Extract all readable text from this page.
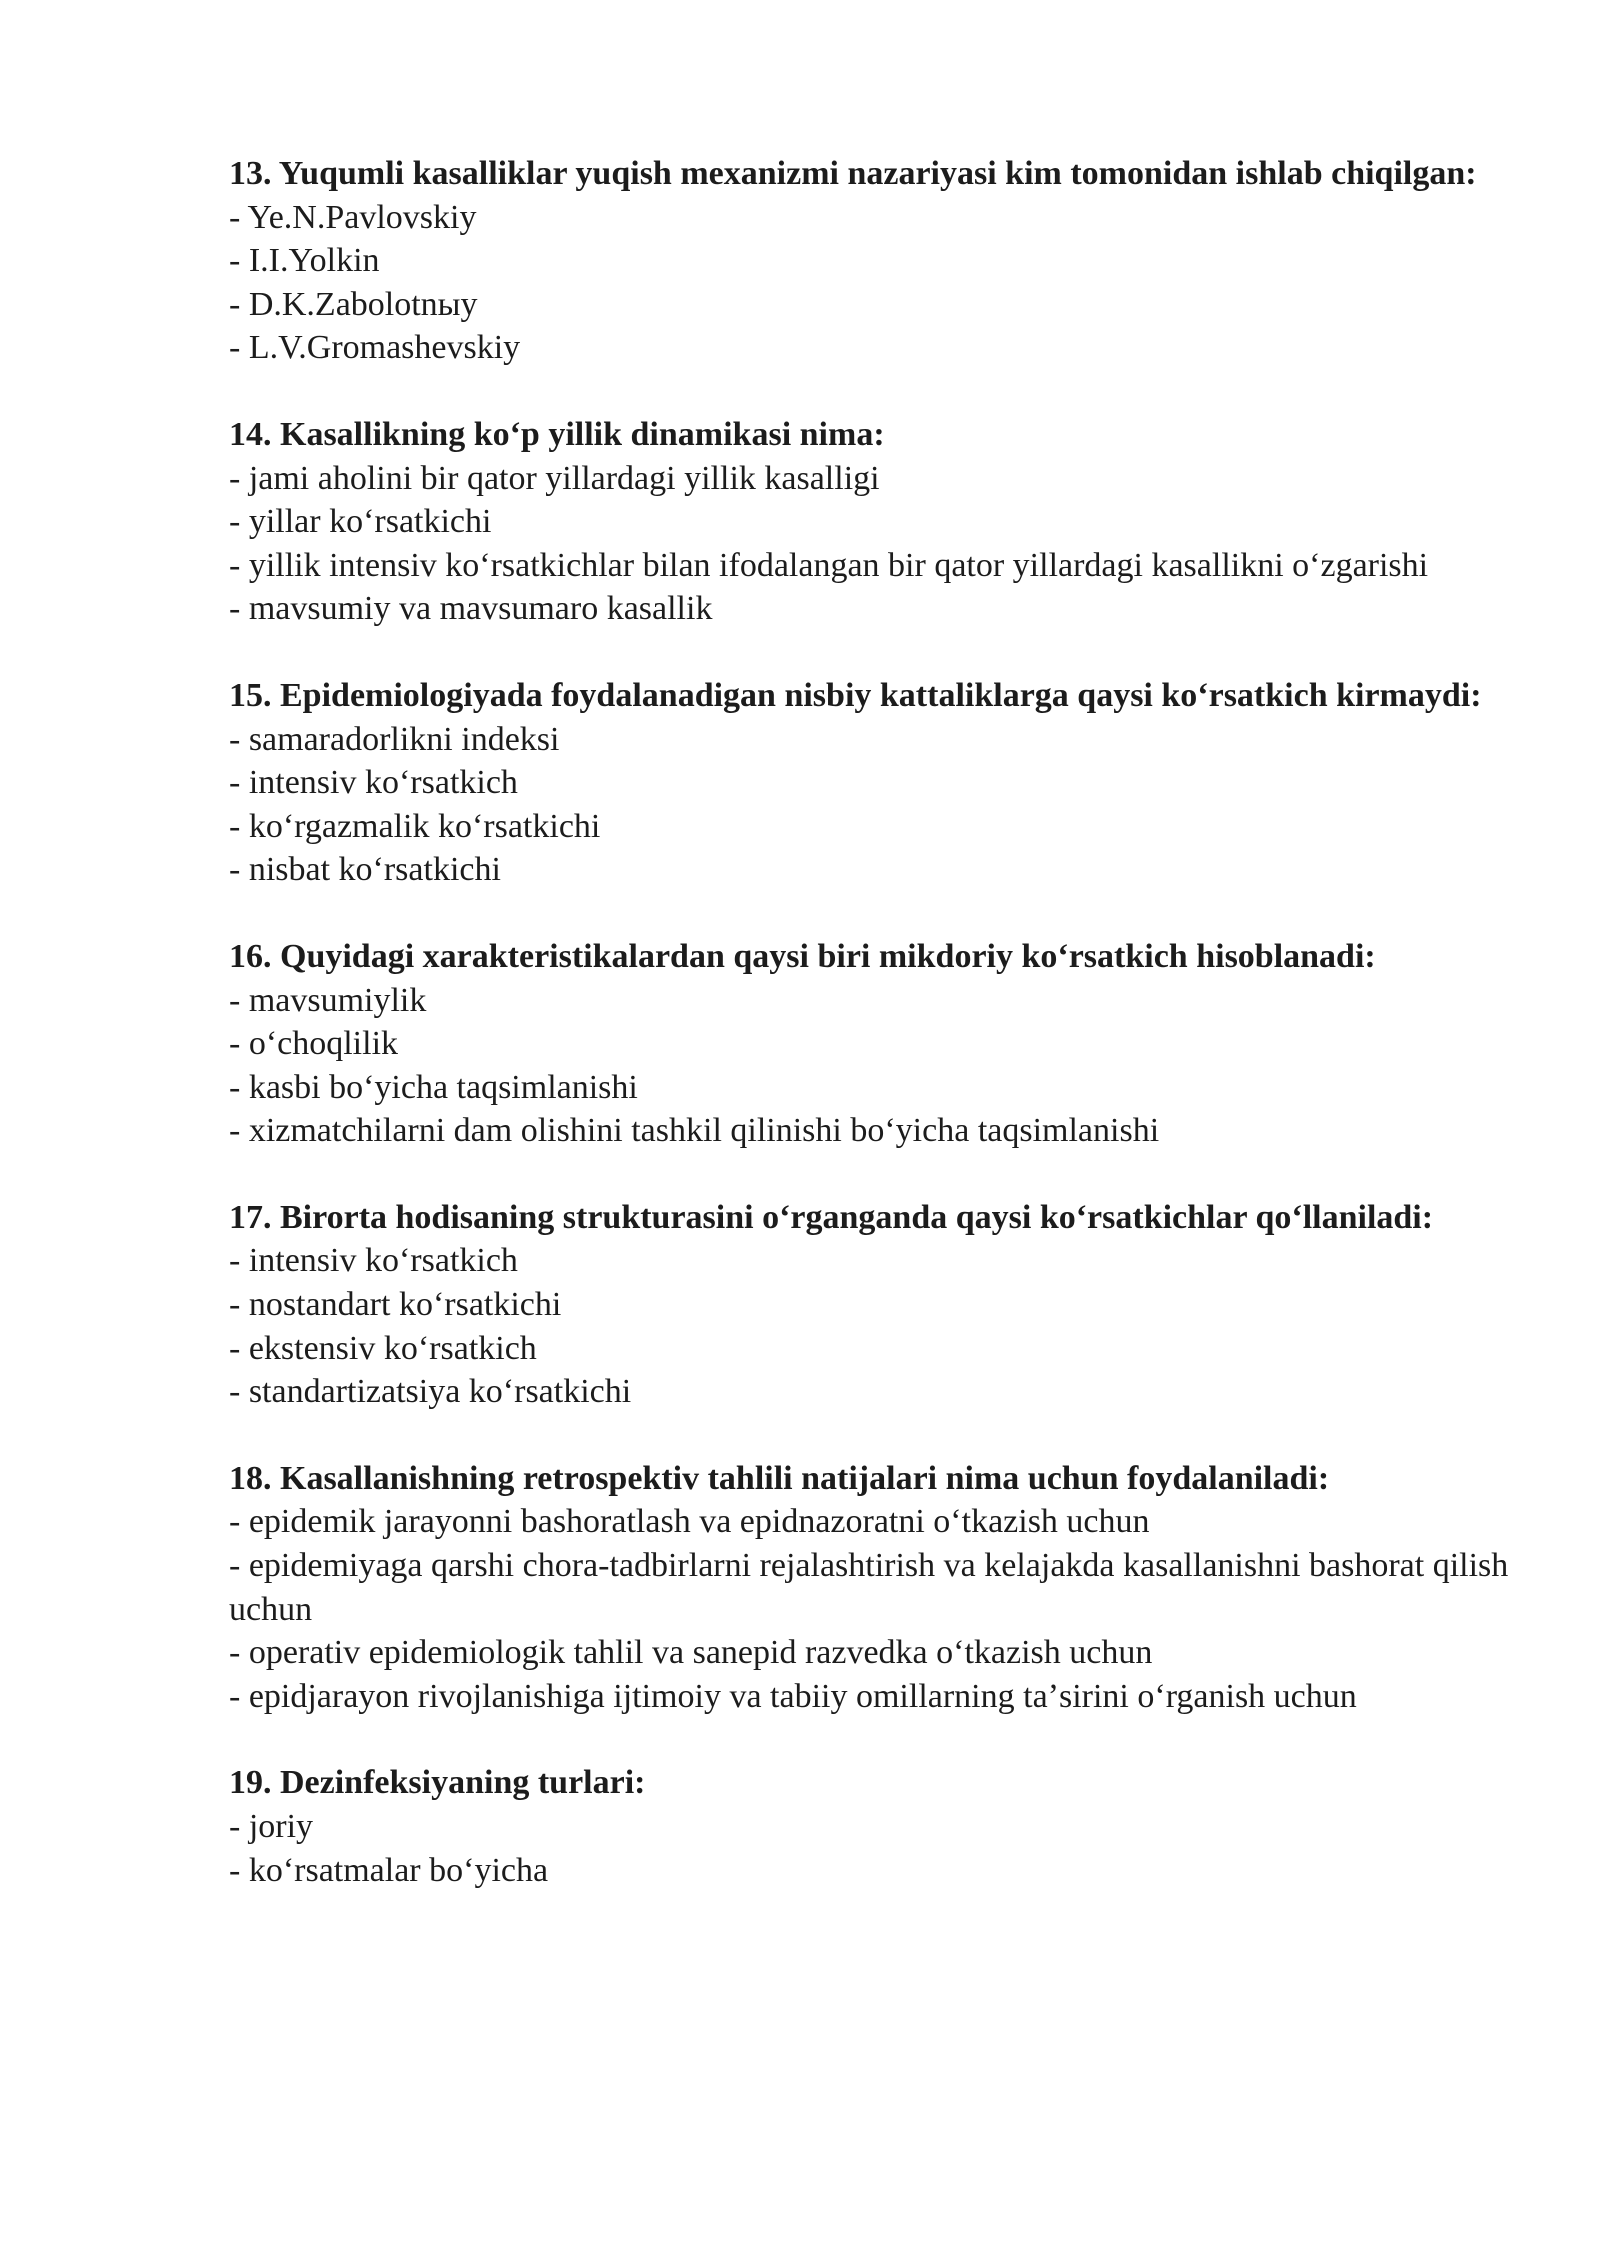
13. Yuqumli kasalliklar yuqish mexanizmi nazariyasi kim tomonidan ishlab chiqilgan:

- Ye.N.Pavlovskiy
- I.I.Yolkin
- D.K.Zabolotnыy
- L.V.Gromashevskiy

14. Kasallikning koʻp yillik dinamikasi nima:

- jami aholini bir qator yillardagi yillik kasalligi
- yillar koʻrsatkichi
- yillik intensiv koʻrsatkichlar bilan ifodalangan bir qator yillardagi kasallikni oʻzgarishi
- mavsumiy va mavsumaro kasallik

15. Epidemiologiyada foydalanadigan nisbiy kattaliklarga qaysi koʻrsatkich kirmaydi:

- samaradorlikni indeksi
- intensiv koʻrsatkich
- koʻrgazmalik koʻrsatkichi
- nisbat koʻrsatkichi

16. Quyidagi xarakteristikalardan qaysi biri mikdoriy koʻrsatkich hisoblanadi:

- mavsumiylik
- oʻchoqlilik
- kasbi boʻyicha taqsimlanishi
- xizmatchilarni dam olishini tashkil qilinishi boʻyicha taqsimlanishi

17. Birorta hodisaning strukturasini oʻrganganda qaysi koʻrsatkichlar qoʻllaniladi:

- intensiv koʻrsatkich
- nostandart koʻrsatkichi
- ekstensiv koʻrsatkich
- standartizatsiya koʻrsatkichi

18. Kasallanishning retrospektiv tahlili natijalari nima uchun foydalaniladi:

- epidemik jarayonni bashoratlash va epidnazoratni oʻtkazish uchun
- epidemiyaga qarshi chora-tadbirlarni rejalashtirish va kelajakda kasallanishni bashorat qilish uchun
- operativ epidemiologik tahlil va sanepid razvedka oʻtkazish uchun
- epidjarayon rivojlanishiga ijtimoiy va tabiiy omillarning taʼsirini oʻrganish uchun

19. Dezinfeksiyaning turlari:

- joriy
- koʻrsatmalar boʻyicha
